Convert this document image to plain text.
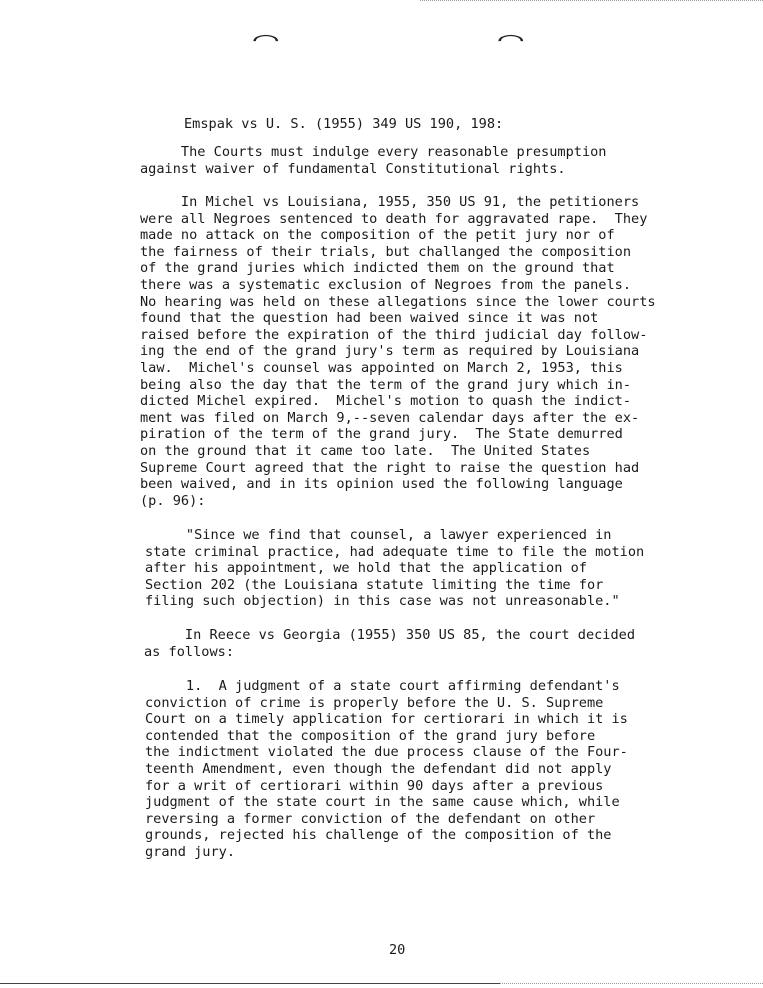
⌒	⌒
Emspak vs U. S. (1955) 349 US 190, 198:
The Courts must indulge every reasonable presumption
against waiver of fundamental Constitutional rights.
In Michel vs Louisiana, 1955, 350 US 91, the petitioners
were all Negroes sentenced to death for aggravated rape.  They
made no attack on the composition of the petit jury nor of
the fairness of their trials, but challanged the composition
of the grand juries which indicted them on the ground that
there was a systematic exclusion of Negroes from the panels.
No hearing was held on these allegations since the lower courts
found that the question had been waived since it was not
raised before the expiration of the third judicial day follow-
ing the end of the grand jury's term as required by Louisiana
law.  Michel's counsel was appointed on March 2, 1953, this
being also the day that the term of the grand jury which in-
dicted Michel expired.  Michel's motion to quash the indict-
ment was filed on March 9,--seven calendar days after the ex-
piration of the term of the grand jury.  The State demurred
on the ground that it came too late.  The United States
Supreme Court agreed that the right to raise the question had
been waived, and in its opinion used the following language
(p. 96):
"Since we find that counsel, a lawyer experienced in
state criminal practice, had adequate time to file the motion
after his appointment, we hold that the application of
Section 202 (the Louisiana statute limiting the time for
filing such objection) in this case was not unreasonable."
In Reece vs Georgia (1955) 350 US 85, the court decided
as follows:
1.  A judgment of a state court affirming defendant's
conviction of crime is properly before the U. S. Supreme
Court on a timely application for certiorari in which it is
contended that the composition of the grand jury before
the indictment violated the due process clause of the Four-
teenth Amendment, even though the defendant did not apply
for a writ of certiorari within 90 days after a previous
judgment of the state court in the same cause which, while
reversing a former conviction of the defendant on other
grounds, rejected his challenge of the composition of the
grand jury.
20
